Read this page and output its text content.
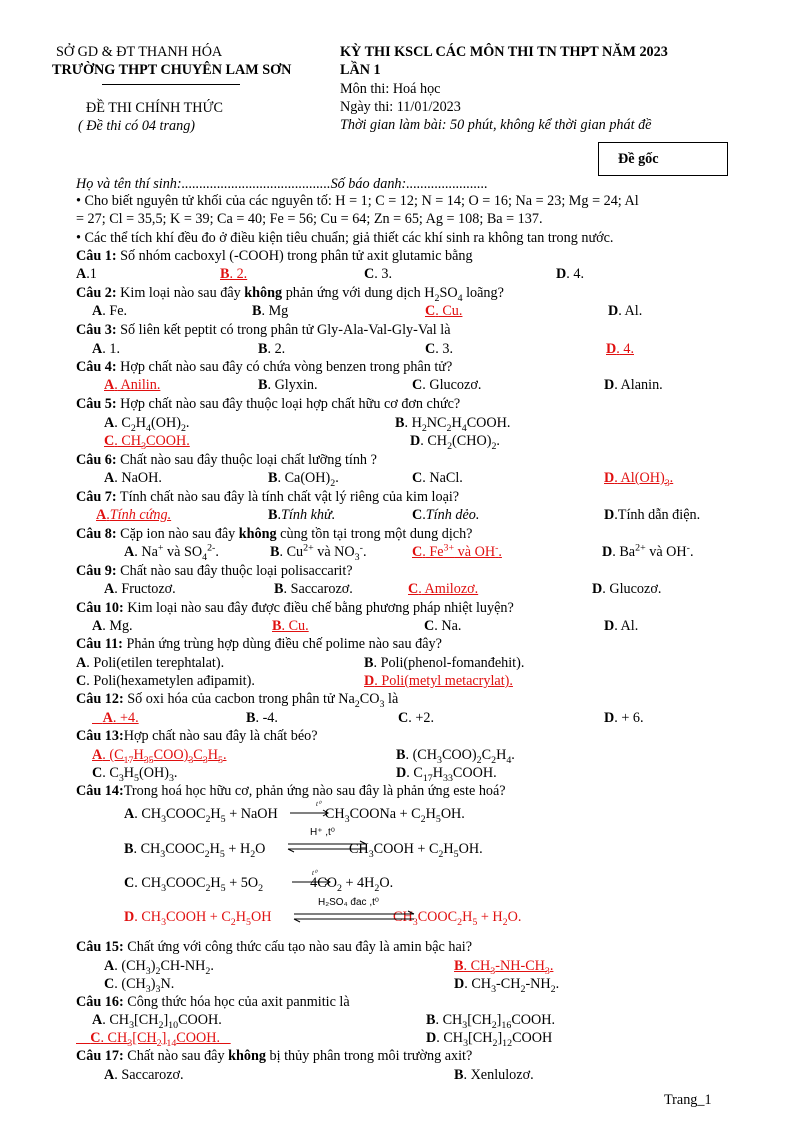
SỞ GD & ĐT THANH HÓA
TRƯỜNG THPT CHUYÊN LAM SƠN
ĐỀ THI CHÍNH THỨC
( Đề thi có 04 trang)
KỲ THI KSCL CÁC MÔN THI TN THPT NĂM 2023
LẦN 1
Môn thi: Hoá học
Ngày thi: 11/01/2023
Thời gian làm bài: 50 phút, không kể thời gian phát đề
Đề gốc
Họ và tên thí sinh:..........................................Số báo danh:.......................
• Cho biết nguyên tử khối của các nguyên tố: H = 1; C = 12; N = 14; O = 16; Na = 23; Mg = 24; Al
= 27; Cl = 35,5; K = 39; Ca = 40; Fe = 56; Cu = 64; Zn = 65; Ag = 108; Ba = 137.
• Các thể tích khí đều đo ở điều kiện tiêu chuẩn; giả thiết các khí sinh ra không tan trong nước.
Câu 1: Số nhóm cacboxyl (-COOH) trong phân tử axit glutamic bằng
A.1	B. 2.	C. 3.	D. 4.
Câu 2: Kim loại nào sau đây không phản ứng với dung dịch $H_2SO_4$ loãng?
A. Fe.	B. Mg	C. Cu.	D. Al.
Câu 3: Số liên kết peptit có trong phân tử Gly-Ala-Val-Gly-Val là
A. 1.	B. 2.	C. 3.	D. 4.
Câu 4: Hợp chất nào sau đây có chứa vòng benzen trong phân tử?
A. Anilin.	B. Glyxin.	C. Glucozơ.	D. Alanin.
Câu 5: Hợp chất nào sau đây thuộc loại hợp chất hữu cơ đơn chức?
A. $C_2H_4(OH)_2$.	B. $H_2NC_2H_4COOH$.
C. $CH_3COOH$.	D. $CH_2(CHO)_2$.
Câu 6: Chất nào sau đây thuộc loại chất lưỡng tính ?
A. NaOH.	B. $Ca(OH)_2$.	C. NaCl.	D. $Al(OH)_3$.
Câu 7: Tính chất nào sau đây là tính chất vật lý riêng của kim loại?
A.Tính cứng.	B.Tính khử.	C.Tính dẻo.	D.Tính dẫn điện.
Câu 8: Cặp ion nào sau đây không cùng tồn tại trong một dung dịch?
A. Na+ và $SO_4^{2-}$.	B. $Cu^{2+}$ và $NO_3^-$.	C. $Fe^{3+}$ và OH-.	D. $Ba^{2+}$ và OH-.
Câu 9: Chất nào sau đây thuộc loại polisaccarit?
A. Fructozơ.	B. Saccarozơ.	C. Amilozơ.	D. Glucozơ.
Câu 10: Kim loại nào sau đây được điều chế bằng phương pháp nhiệt luyện?
A. Mg.	B. Cu.	C. Na.	D. Al.
Câu 11: Phản ứng trùng hợp dùng điều chế polime nào sau đây?
A. Poli(etilen terephtalat).	B. Poli(phenol-fomanđehit).
C. Poli(hexametylen ađipamit).	D. Poli(metyl metacrylat).
Câu 12: Số oxi hóa của cacbon trong phân tử $Na_2CO_3$ là
A. +4.	B. -4.	C. +2.	D. + 6.
Câu 13:Hợp chất nào sau đây là chất béo?
A. $(C_{17}H_{35}COO)_3C_3H_5$.	B. $(CH_3COO)_2C_2H_4$.
C. $C_3H_5(OH)_3$.	D. $C_{17}H_{33}COOH$.
Câu 14:Trong hoá học hữu cơ, phản ứng nào sau đây là phản ứng este hoá?
A. $CH_3COOC_2H_5$ + NaOH	$CH_3COONa + C_2H_5OH$.
t⁰
B. $CH_3COOC_2H_5 + H_2O$	$CH_3COOH + C_2H_5OH$.
H⁺ ,t⁰
C. $CH_3COOC_2H_5 + 5O_2$	$4CO_2 + 4H_2O$.
t⁰
D. $CH_3COOH + C_2H_5OH$	$CH_3COOC_2H_5 + H_2O$.
H₂SO₄ đac ,t⁰
Câu 15: Chất ứng với công thức cấu tạo nào sau đây là amin bậc hai?
A. $(CH_3)_2CH-NH_2$.	B. $CH_3-NH-CH_3$.
C. $(CH_3)_3N$.	D. $CH_3-CH_2-NH_2$.
Câu 16: Công thức hóa học của axit panmitic là
A. $CH_3[CH_2]_{10}COOH$.	B. $CH_3[CH_2]_{16}COOH$.
C. $CH_3[CH_2]_{14}COOH$.	D. $CH_3[CH_2]_{12}COOH$
Câu 17: Chất nào sau đây không bị thủy phân trong môi trường axit?
A. Saccarozơ.	B. Xenlulozơ.
Trang_1
